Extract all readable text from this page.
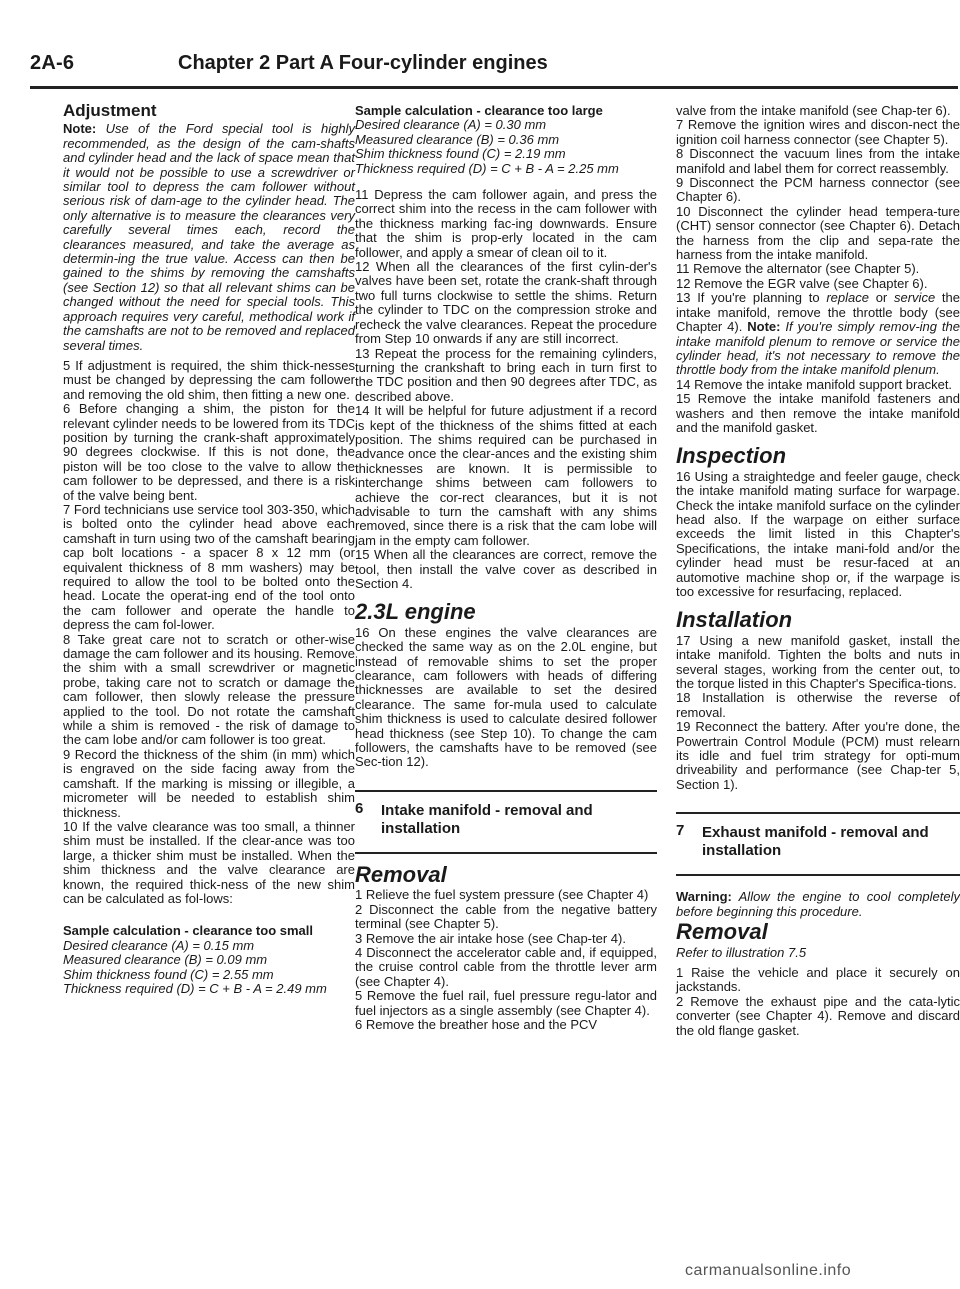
2A-6	Chapter 2 Part A Four-cylinder engines
Adjustment

Note: Use of the Ford special tool is highly recommended, as the design of the cam-shafts and cylinder head and the lack of space mean that it would not be possible to use a screwdriver or similar tool to depress the cam follower without serious risk of dam-age to the cylinder head. The only alternative is to measure the clearances very carefully several times each, record the clearances measured, and take the average as determin-ing the true value. Access can then be gained to the shims by removing the camshafts (see Section 12) so that all relevant shims can be changed without the need for special tools. This approach requires very careful, methodical work if the camshafts are not to be removed and replaced several times.

5 If adjustment is required, the shim thick-nesses must be changed by depressing the cam follower and removing the old shim, then fitting a new one.

6 Before changing a shim, the piston for the relevant cylinder needs to be lowered from its TDC position by turning the crank-shaft approximately 90 degrees clockwise. If this is not done, the piston will be too close to the valve to allow the cam follower to be depressed, and there is a risk of the valve being bent.

7 Ford technicians use service tool 303-350, which is bolted onto the cylinder head above each camshaft in turn using two of the camshaft bearing cap bolt locations - a spacer 8 x 12 mm (or equivalent thickness of 8 mm washers) may be required to allow the tool to be bolted onto the head. Locate the operat-ing end of the tool onto the cam follower and operate the handle to depress the cam fol-lower.

8 Take great care not to scratch or other-wise damage the cam follower and its housing. Remove the shim with a small screwdriver or magnetic probe, taking care not to scratch or damage the cam follower, then slowly release the pressure applied to the tool. Do not rotate the camshaft while a shim is removed - the risk of damage to the cam lobe and/or cam follower is too great.

9 Record the thickness of the shim (in mm) which is engraved on the side facing away from the camshaft. If the marking is missing or illegible, a micrometer will be needed to establish shim thickness.

10 If the valve clearance was too small, a thinner shim must be installed. If the clear-ance was too large, a thicker shim must be installed. When the shim thickness and the valve clearance are known, the required thick-ness of the new shim can be calculated as fol-lows:

Sample calculation - clearance too small
Desired clearance (A) = 0.15 mm
Measured clearance (B) = 0.09 mm
Shim thickness found (C) = 2.55 mm
Thickness required (D) = C + B - A = 2.49 mm
Sample calculation - clearance too large
Desired clearance (A) = 0.30 mm
Measured clearance (B) = 0.36 mm
Shim thickness found (C) = 2.19 mm
Thickness required (D) = C + B - A = 2.25 mm

11 Depress the cam follower again, and press the correct shim into the recess in the cam follower with the thickness marking fac-ing downwards. Ensure that the shim is prop-erly located in the cam follower, and apply a smear of clean oil to it.

12 When all the clearances of the first cylin-der's valves have been set, rotate the crank-shaft through two full turns clockwise to settle the shims. Return the cylinder to TDC on the compression stroke and recheck the valve clearances. Repeat the procedure from Step 10 onwards if any are still incorrect.

13 Repeat the process for the remaining cylinders, turning the crankshaft to bring each in turn first to the TDC position and then 90 degrees after TDC, as described above.

14 It will be helpful for future adjustment if a record is kept of the thickness of the shims fitted at each position. The shims required can be purchased in advance once the clear-ances and the existing shim thicknesses are known. It is permissible to interchange shims between cam followers to achieve the cor-rect clearances, but it is not advisable to turn the camshaft with any shims removed, since there is a risk that the cam lobe will jam in the empty cam follower.

15 When all the clearances are correct, remove the tool, then install the valve cover as described in Section 4.

2.3L engine

16 On these engines the valve clearances are checked the same way as on the 2.0L engine, but instead of removable shims to set the proper clearance, cam followers with heads of differing thicknesses are available to set the desired clearance. The same for-mula used to calculate shim thickness is used to calculate desired follower head thickness (see Step 10). To change the cam followers, the camshafts have to be removed (see Sec-tion 12).

6	Intake manifold - removal and installation
Removal

1 Relieve the fuel system pressure (see Chapter 4)

2 Disconnect the cable from the negative battery terminal (see Chapter 5).

3 Remove the air intake hose (see Chap-ter 4).

4 Disconnect the accelerator cable and, if equipped, the cruise control cable from the throttle lever arm (see Chapter 4).

5 Remove the fuel rail, fuel pressure regu-lator and fuel injectors as a single assembly (see Chapter 4).

6 Remove the breather hose and the PCV

valve from the intake manifold (see Chap-ter 6).

7 Remove the ignition wires and discon-nect the ignition coil harness connector (see Chapter 5).

8 Disconnect the vacuum lines from the intake manifold and label them for correct reassembly.

9 Disconnect the PCM harness connector (see Chapter 6).

10 Disconnect the cylinder head tempera-ture (CHT) sensor connector (see Chapter 6). Detach the harness from the clip and sepa-rate the harness from the intake manifold.

11 Remove the alternator (see Chapter 5).

12 Remove the EGR valve (see Chapter 6).

13 If you're planning to replace or service the intake manifold, remove the throttle body (see Chapter 4). Note: If you're simply remov-ing the intake manifold plenum to remove or service the cylinder head, it's not necessary to remove the throttle body from the intake manifold plenum.

14 Remove the intake manifold support bracket.

15 Remove the intake manifold fasteners and washers and then remove the intake manifold and the manifold gasket.

Inspection

16 Using a straightedge and feeler gauge, check the intake manifold mating surface for warpage. Check the intake manifold surface on the cylinder head also. If the warpage on either surface exceeds the limit listed in this Chapter's Specifications, the intake mani-fold and/or the cylinder head must be resur-faced at an automotive machine shop or, if the warpage is too excessive for resurfacing, replaced.

Installation

17 Using a new manifold gasket, install the intake manifold. Tighten the bolts and nuts in several stages, working from the center out, to the torque listed in this Chapter's Specifica-tions.

18 Installation is otherwise the reverse of removal.

19 Reconnect the battery. After you're done, the Powertrain Control Module (PCM) must relearn its idle and fuel trim strategy for opti-mum driveability and performance (see Chap-ter 5, Section 1).

7	Exhaust manifold - removal and installation

Warning: Allow the engine to cool completely before beginning this procedure.

Removal

Refer to illustration 7.5

1 Raise the vehicle and place it securely on jackstands.

2 Remove the exhaust pipe and the cata-lytic converter (see Chapter 4). Remove and discard the old flange gasket.

carmanualsonline.info
